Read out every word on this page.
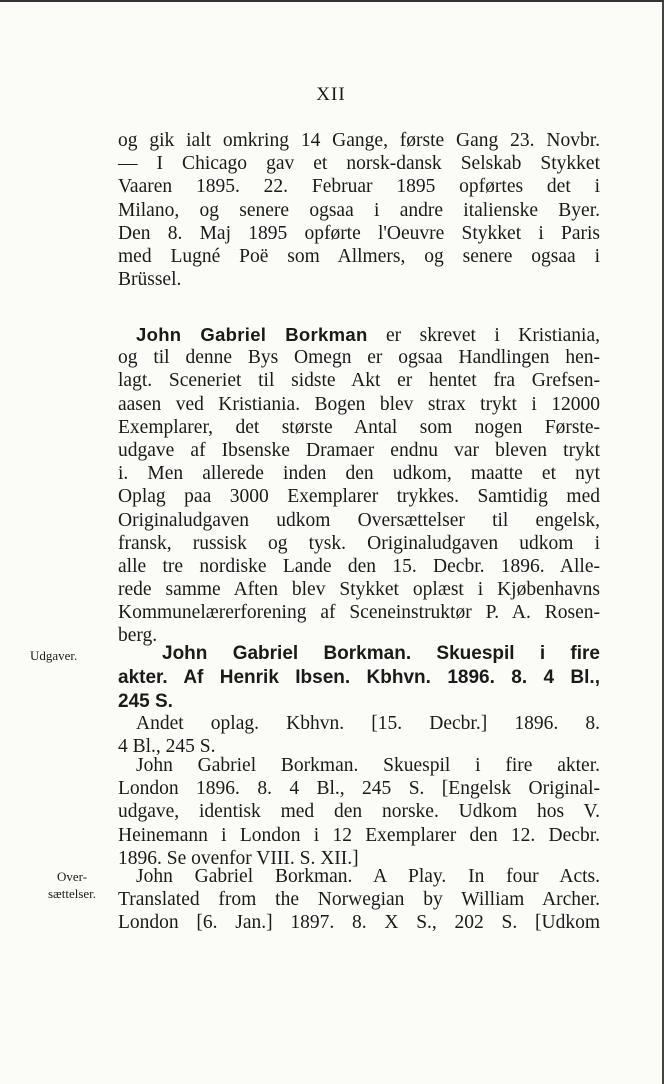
XII
og gik ialt omkring 14 Gange, første Gang 23. Novbr.
— I Chicago gav et norsk-dansk Selskab Stykket
Vaaren 1895. 22. Februar 1895 opførtes det i
Milano, og senere ogsaa i andre italienske Byer.
Den 8. Maj 1895 opførte l'Oeuvre Stykket i Paris
med Lugné Poë som Allmers, og senere ogsaa i
Brüssel.
John Gabriel Borkman er skrevet i Kristiania,
og til denne Bys Omegn er ogsaa Handlingen hen-
lagt. Sceneriet til sidste Akt er hentet fra Grefsen-
aasen ved Kristiania. Bogen blev strax trykt i 12000
Exemplarer, det største Antal som nogen Første-
udgave af Ibsenske Dramaer endnu var bleven trykt
i. Men allerede inden den udkom, maatte et nyt
Oplag paa 3000 Exemplarer trykkes. Samtidig med
Originaludgaven udkom Oversættelser til engelsk,
fransk, russisk og tysk. Originaludgaven udkom i
alle tre nordiske Lande den 15. Decbr. 1896. Alle-
rede samme Aften blev Stykket oplæst i Kjøbenhavns
Kommunelærerforening af Sceneinstruktør P. A. Rosen-
berg.
Udgaver.	John Gabriel Borkman. Skuespil i fire
akter. Af Henrik Ibsen. Kbhvn. 1896. 8. 4 Bl.,
245 S.
Andet oplag. Kbhvn. [15. Decbr.] 1896. 8.
4 Bl., 245 S.
John Gabriel Borkman. Skuespil i fire akter.
London 1896. 8. 4 Bl., 245 S. [Engelsk Original-
udgave, identisk med den norske. Udkom hos V.
Heinemann i London i 12 Exemplarer den 12. Decbr.
1896. Se ovenfor VIII. S. XII.]
Over-
sættelser.
John Gabriel Borkman. A Play. In four Acts.
Translated from the Norwegian by William Archer.
London [6. Jan.] 1897. 8. X S., 202 S. [Udkom
